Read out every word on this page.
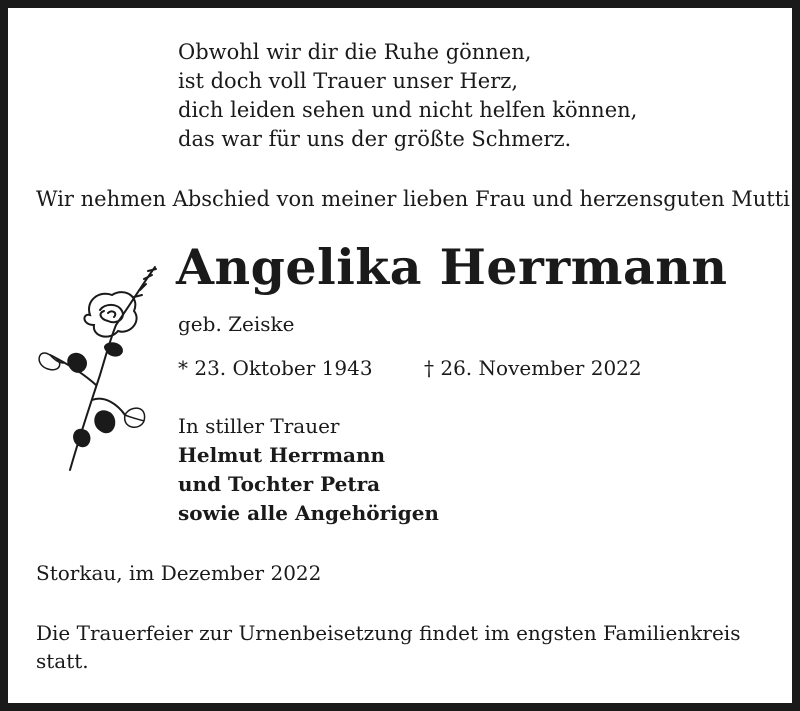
Obwohl wir dir die Ruhe gönnen,
ist doch voll Trauer unser Herz,
dich leiden sehen und nicht helfen können,
das war für uns der größte Schmerz.
Wir nehmen Abschied von meiner lieben Frau und herzensguten Mutti
Angelika Herrmann
geb. Zeiske
* 23. Oktober 1943	† 26. November 2022
In stiller Trauer
Helmut Herrmann
und Tochter Petra
sowie alle Angehörigen
Storkau, im Dezember 2022
Die Trauerfeier zur Urnenbeisetzung findet im engsten Familienkreis statt.
